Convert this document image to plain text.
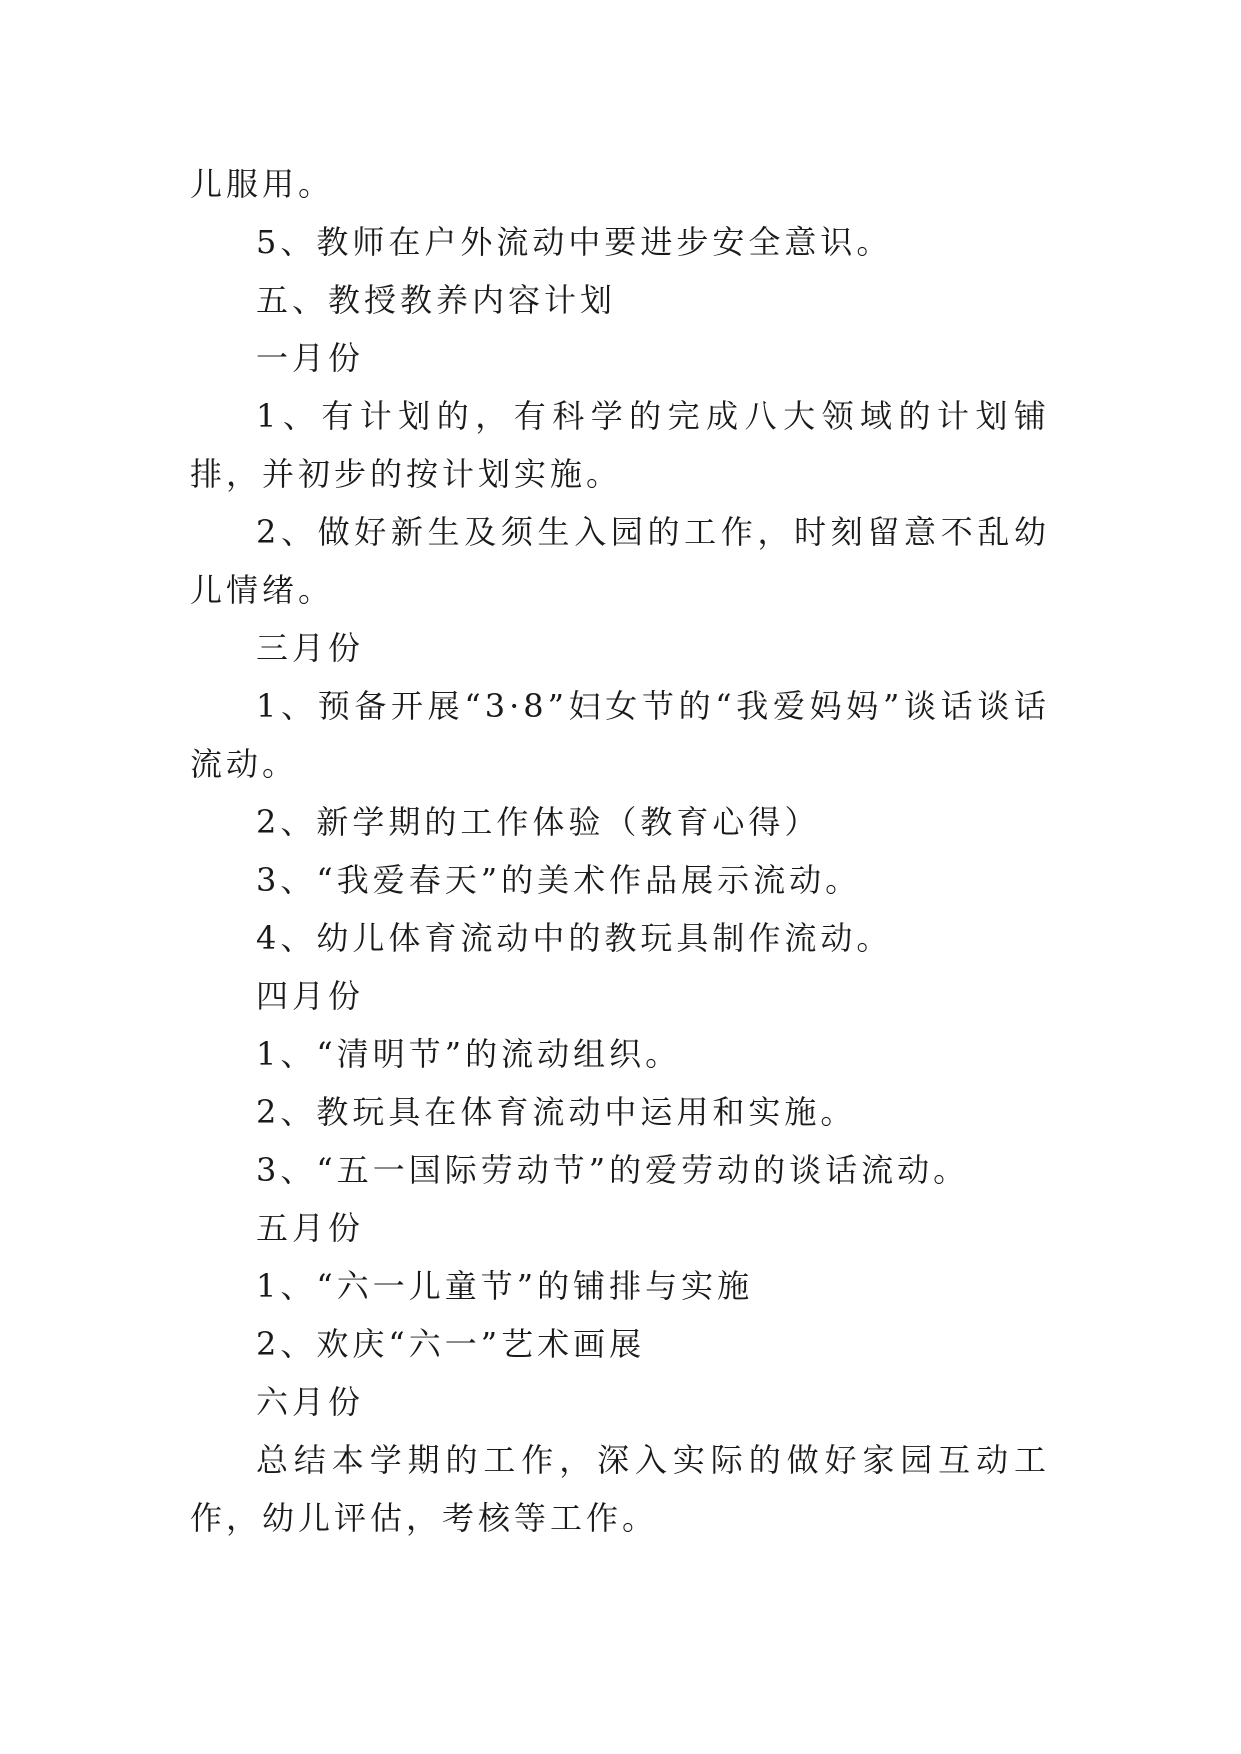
儿服用。

5、教师在户外流动中要进步安全意识。

五、教授教养内容计划

一月份

1、有计划的，有科学的完成八大领域的计划铺排，并初步的按计划实施。

2、做好新生及须生入园的工作，时刻留意不乱幼儿情绪。

三月份

1、预备开展“3·8”妇女节的“我爱妈妈”谈话谈话流动。

2、新学期的工作体验（教育心得）

3、“我爱春天”的美术作品展示流动。

4、幼儿体育流动中的教玩具制作流动。

四月份

1、“清明节”的流动组织。

2、教玩具在体育流动中运用和实施。

3、“五一国际劳动节”的爱劳动的谈话流动。

五月份

1、“六一儿童节”的铺排与实施

2、欢庆“六一”艺术画展

六月份

总结本学期的工作，深入实际的做好家园互动工作，幼儿评估，考核等工作。
